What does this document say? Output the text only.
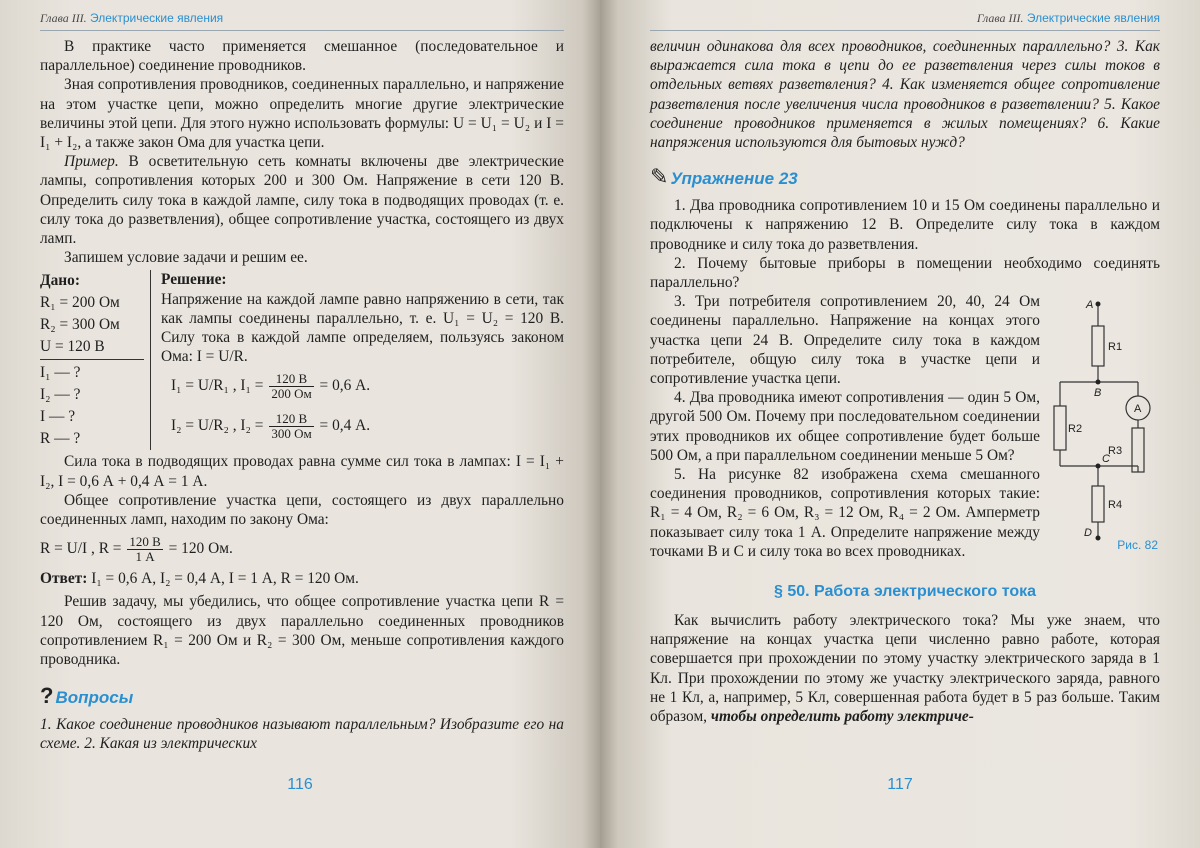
Глава III. Электрические явления

В практике часто применяется смешанное (последовательное и параллельное) соединение проводников.

Зная сопротивления проводников, соединенных параллельно, и напряжение на этом участке цепи, можно определить многие другие электрические величины этой цепи. Для этого нужно использовать формулы: U = U₁ = U₂ и I = I₁ + I₂, а также закон Ома для участка цепи.

Пример. В осветительную сеть комнаты включены две электрические лампы, сопротивления которых 200 и 300 Ом. Напряжение в сети 120 В. Определить силу тока в каждой лампе, силу тока в подводящих проводах (т. е. силу тока до разветвления), общее сопротивление участка, состоящего из двух ламп.

Запишем условие задачи и решим ее.

Дано:
R₁ = 200 Ом
R₂ = 300 Ом
U = 120 В
I₁ — ?
I₂ — ?
I — ?
R — ?
Решение:
Напряжение на каждой лампе равно напряжению в сети, так как лампы соединены параллельно, т. е. U₁ = U₂ = 120 В. Силу тока в каждой лампе определяем, пользуясь законом Ома: I = U/R.
I₁ = U/R₁ , $I_1 = \frac{120 В}{200 Ом} = 0,6$ А.
I₂ = U/R₂ , $I_2 = \frac{120 В}{300 Ом} = 0,4$ А.

Сила тока в подводящих проводах равна сумме сил тока в лампах: I = I₁ + I₂, I = 0,6 А + 0,4 А = 1 А.

Общее сопротивление участка цепи, состоящего из двух параллельно соединенных ламп, находим по закону Ома:

R = U/I , $R = \frac{120 В}{1 А} = 120$ Ом.

Ответ: I₁ = 0,6 А, I₂ = 0,4 А, I = 1 А, R = 120 Ом.

Решив задачу, мы убедились, что общее сопротивление участка цепи R = 120 Ом, состоящего из двух параллельно соединенных проводников сопротивлением R₁ = 200 Ом и R₂ = 300 Ом, меньше сопротивления каждого проводника.

? Вопросы

1. Какое соединение проводников называют параллельным? Изобразите его на схеме. 2. Какая из электрических

116
Глава III. Электрические явления

величин одинакова для всех проводников, соединенных параллельно? 3. Как выражается сила тока в цепи до ее разветвления через силы токов в отдельных ветвях разветвления? 4. Как изменяется общее сопротивление разветвления после увеличения числа проводников в разветвлении? 5. Какое соединение проводников применяется в жилых помещениях? 6. Какие напряжения используются для бытовых нужд?

✎ Упражнение 23

1. Два проводника сопротивлением 10 и 15 Ом соединены параллельно и подключены к напряжению 12 В. Определите силу тока в каждом проводнике и силу тока до разветвления.

2. Почему бытовые приборы в помещении необходимо соединять параллельно?

3. Три потребителя сопротивлением 20, 40, 24 Ом соединены параллельно. Напряжение на концах этого участка цепи 24 В. Определите силу тока в каждом потребителе, общую силу тока в участке цепи и сопротивление участка цепи.

4. Два проводника имеют сопротивления — один 5 Ом, другой 500 Ом. Почему при последовательном соединении этих проводников их общее сопротивление будет больше 500 Ом, а при параллельном соединении меньше 5 Ом?

5. На рисунке 82 изображена схема смешанного соединения проводников, сопротивления которых такие: R₁ = 4 Ом, R₂ = 6 Ом, R₃ = 12 Ом, R₄ = 2 Ом. Амперметр показывает силу тока 1 А. Определите напряжение между точками B и C и силу тока во всех проводниках.

A
R1
B
R2
A
R3
C
R4
D
Рис. 82
§ 50. Работа электрического тока

Как вычислить работу электрического тока? Мы уже знаем, что напряжение на концах участка цепи численно равно работе, которая совершается при прохождении по этому участку электрического заряда в 1 Кл. При прохождении по этому же участку электрического заряда, равного не 1 Кл, а, например, 5 Кл, совершенная работа будет в 5 раз больше. Таким образом, чтобы определить работу электриче-

117
